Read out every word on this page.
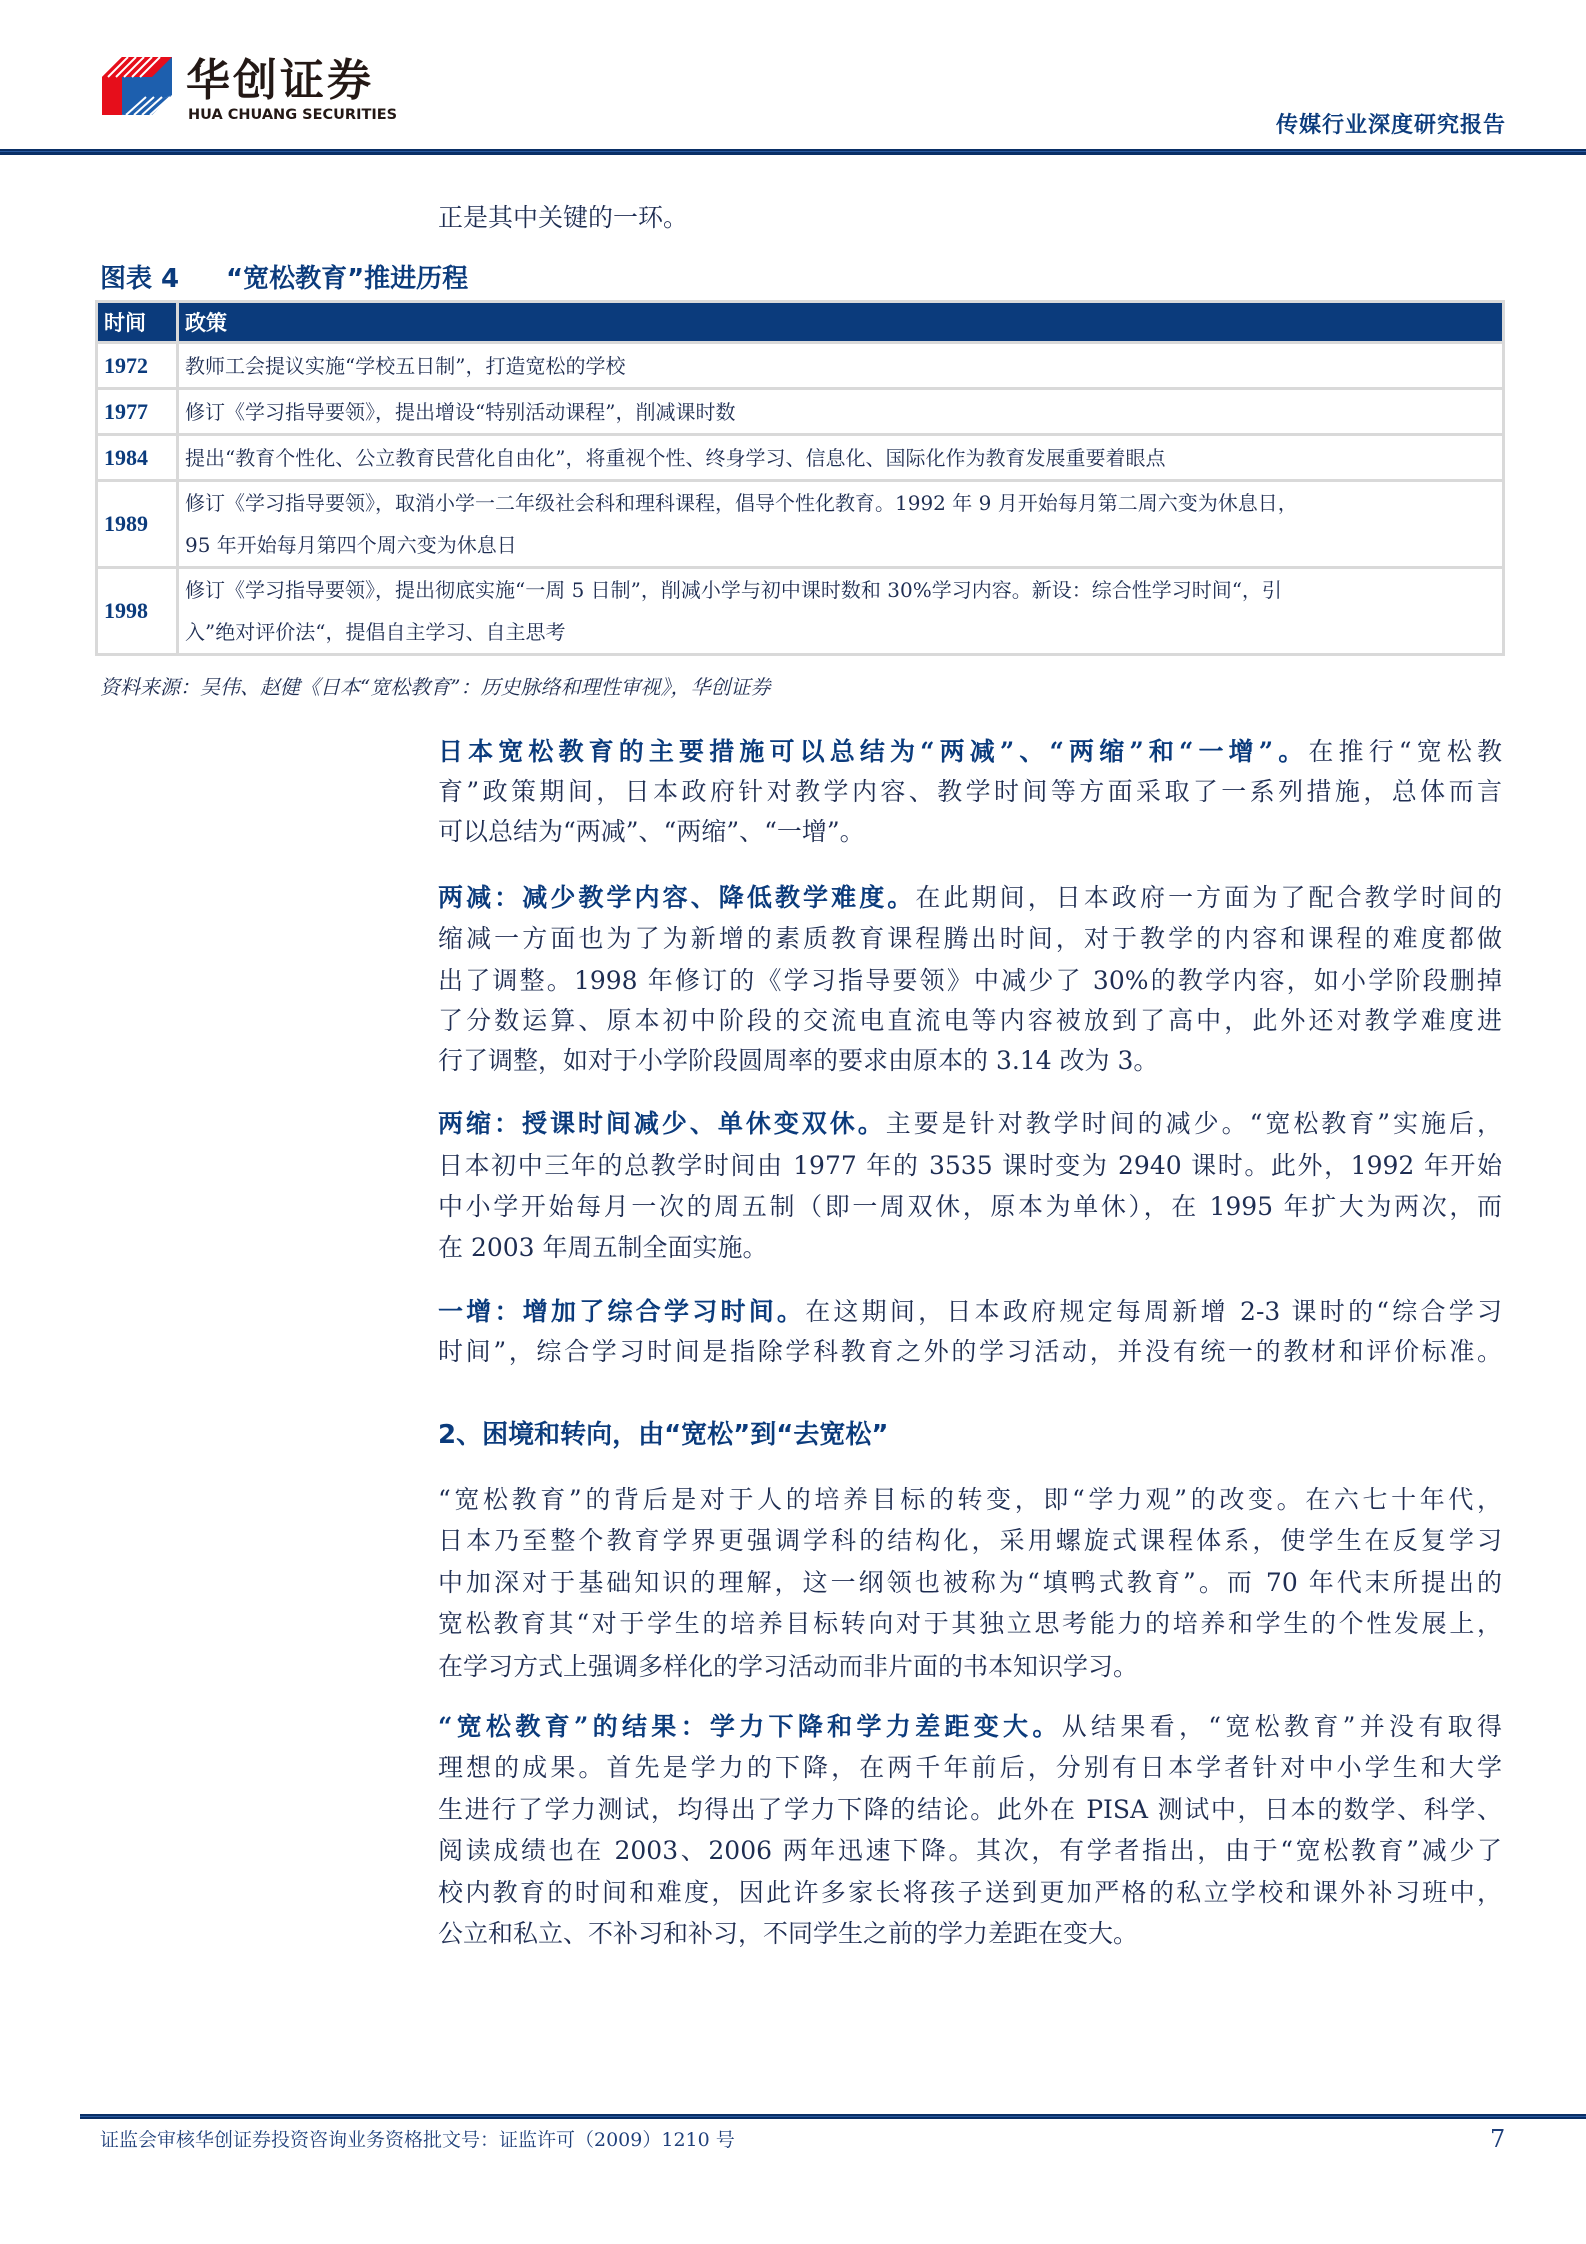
华创证券
HUA CHUANG SECURITIES	传媒行业深度研究报告
正是其中关键的一环。
图表 4 “宽松教育”推进历程
时间	政策
1972	教师工会提议实施“学校五日制”，打造宽松的学校
1977	修订《学习指导要领》，提出增设“特别活动课程”，削减课时数
1984	提出“教育个性化、公立教育民营化自由化”，将重视个性、终身学习、信息化、国际化作为教育发展重要着眼点
1989	修订《学习指导要领》，取消小学一二年级社会科和理科课程，倡导个性化教育。1992 年 9 月开始每月第二周六变为休息日，
95 年开始每月第四个周六变为休息日

1998	修订《学习指导要领》，提出彻底实施“一周 5 日制”，削减小学与初中课时数和 30%学习内容。新设：综合性学习时间“，引
入”绝对评价法“，提倡自主学习、自主思考
资料来源：吴伟、赵健《日本“宽松教育”：历史脉络和理性审视》，华创证券
日本宽松教育的主要措施可以总结为“两减”、“两缩”和“一增”。在推行“宽松教
育”政策期间，日本政府针对教学内容、教学时间等方面采取了一系列措施，总体而言
可以总结为“两减”、“两缩”、“一增”。
两减：减少教学内容、降低教学难度。在此期间，日本政府一方面为了配合教学时间的
缩减一方面也为了为新增的素质教育课程腾出时间，对于教学的内容和课程的难度都做
出了调整。1998 年修订的《学习指导要领》中减少了 30%的教学内容，如小学阶段删掉
了分数运算、原本初中阶段的交流电直流电等内容被放到了高中，此外还对教学难度进
行了调整，如对于小学阶段圆周率的要求由原本的 3.14 改为 3。
两缩：授课时间减少、单休变双休。主要是针对教学时间的减少。“宽松教育”实施后，
日本初中三年的总教学时间由 1977 年的 3535 课时变为 2940 课时。此外，1992 年开始
中小学开始每月一次的周五制（即一周双休，原本为单休），在 1995 年扩大为两次，而
在 2003 年周五制全面实施。
一增：增加了综合学习时间。在这期间，日本政府规定每周新增 2-3 课时的“综合学习
时间”，综合学习时间是指除学科教育之外的学习活动，并没有统一的教材和评价标准。
2、困境和转向，由“宽松”到“去宽松”
“宽松教育”的背后是对于人的培养目标的转变，即“学力观”的改变。在六七十年代，
日本乃至整个教育学界更强调学科的结构化，采用螺旋式课程体系，使学生在反复学习
中加深对于基础知识的理解，这一纲领也被称为“填鸭式教育”。而 70 年代末所提出的
宽松教育其“对于学生的培养目标转向对于其独立思考能力的培养和学生的个性发展上，
在学习方式上强调多样化的学习活动而非片面的书本知识学习。
“宽松教育”的结果：学力下降和学力差距变大。从结果看，“宽松教育”并没有取得
理想的成果。首先是学力的下降，在两千年前后，分别有日本学者针对中小学生和大学
生进行了学力测试，均得出了学力下降的结论。此外在 PISA 测试中，日本的数学、科学、
阅读成绩也在 2003、2006 两年迅速下降。其次，有学者指出，由于“宽松教育”减少了
校内教育的时间和难度，因此许多家长将孩子送到更加严格的私立学校和课外补习班中，
公立和私立、不补习和补习，不同学生之前的学力差距在变大。
证监会审核华创证券投资咨询业务资格批文号：证监许可（2009）1210 号	7
